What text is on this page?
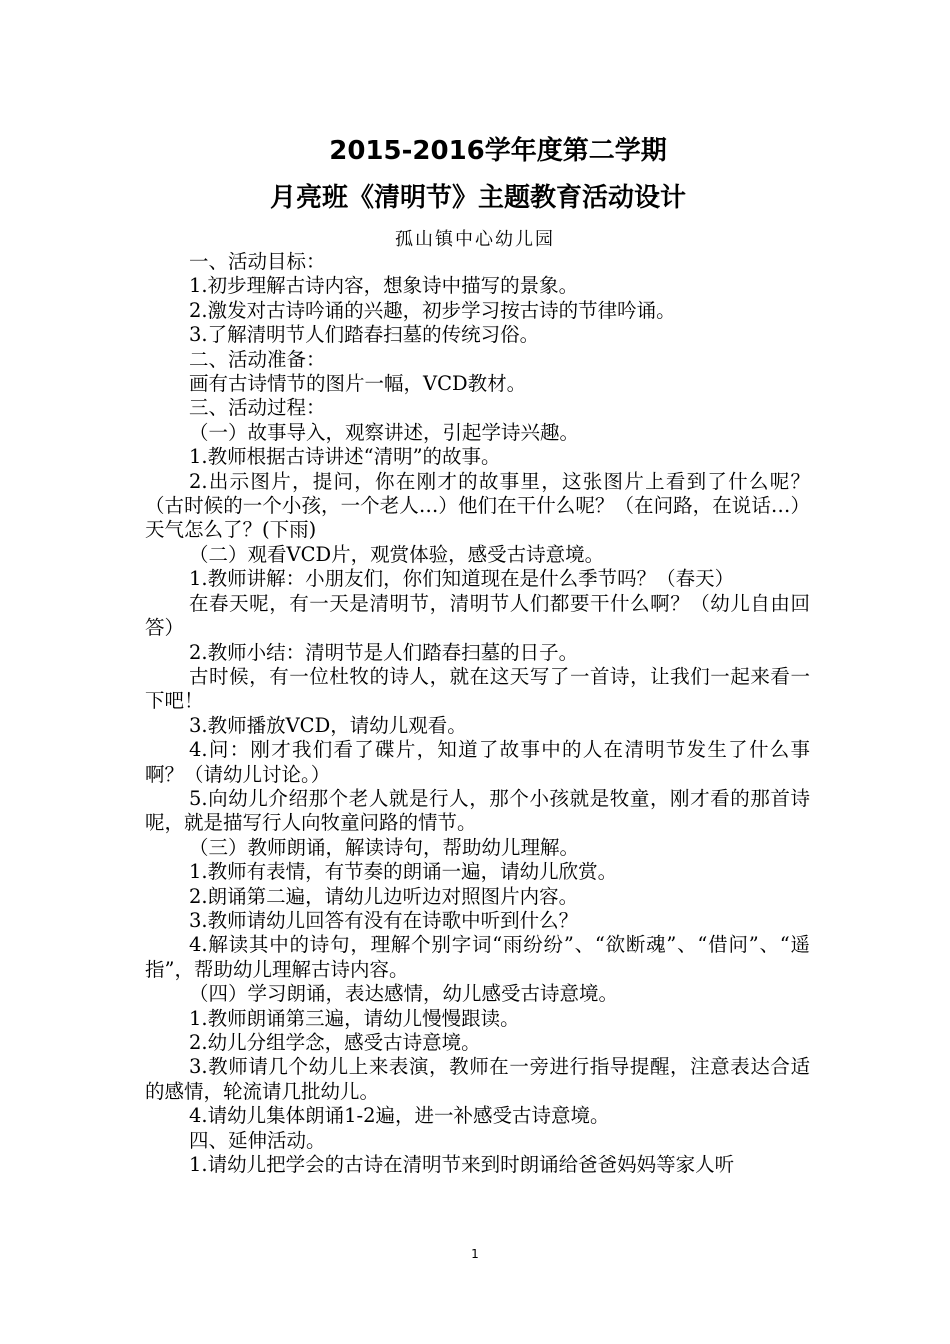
2015-2016学年度第二学期
月亮班《清明节》主题教育活动设计
孤山镇中心幼儿园

一、活动目标：

1.初步理解古诗内容，想象诗中描写的景象。

2.激发对古诗吟诵的兴趣，初步学习按古诗的节律吟诵。

3.了解清明节人们踏春扫墓的传统习俗。

二、活动准备：

画有古诗情节的图片一幅，VCD教材。

三、活动过程：

（一）故事导入，观察讲述，引起学诗兴趣。

1.教师根据古诗讲述“清明”的故事。

2.出示图片，提问，你在刚才的故事里，这张图片上看到了什么呢？（古时候的一个小孩，一个老人…）他们在干什么呢？（在问路，在说话…）天气怎么了？(下雨)

（二）观看VCD片，观赏体验，感受古诗意境。

1.教师讲解：小朋友们，你们知道现在是什么季节吗？（春天）

在春天呢，有一天是清明节，清明节人们都要干什么啊？（幼儿自由回答）

2.教师小结：清明节是人们踏春扫墓的日子。

古时候，有一位杜牧的诗人，就在这天写了一首诗，让我们一起来看一下吧！

3.教师播放VCD，请幼儿观看。

4.问：刚才我们看了碟片，知道了故事中的人在清明节发生了什么事啊？（请幼儿讨论。）

5.向幼儿介绍那个老人就是行人，那个小孩就是牧童，刚才看的那首诗呢，就是描写行人向牧童问路的情节。

（三）教师朗诵，解读诗句，帮助幼儿理解。

1.教师有表情，有节奏的朗诵一遍，请幼儿欣赏。

2.朗诵第二遍，请幼儿边听边对照图片内容。

3.教师请幼儿回答有没有在诗歌中听到什么？

4.解读其中的诗句，理解个别字词“雨纷纷”、“欲断魂”、“借问”、“遥指”，帮助幼儿理解古诗内容。

（四）学习朗诵，表达感情，幼儿感受古诗意境。

1.教师朗诵第三遍，请幼儿慢慢跟读。

2.幼儿分组学念，感受古诗意境。

3.教师请几个幼儿上来表演，教师在一旁进行指导提醒，注意表达合适的感情，轮流请几批幼儿。

4.请幼儿集体朗诵1-2遍，进一补感受古诗意境。

四、延伸活动。

1.请幼儿把学会的古诗在清明节来到时朗诵给爸爸妈妈等家人听

1
